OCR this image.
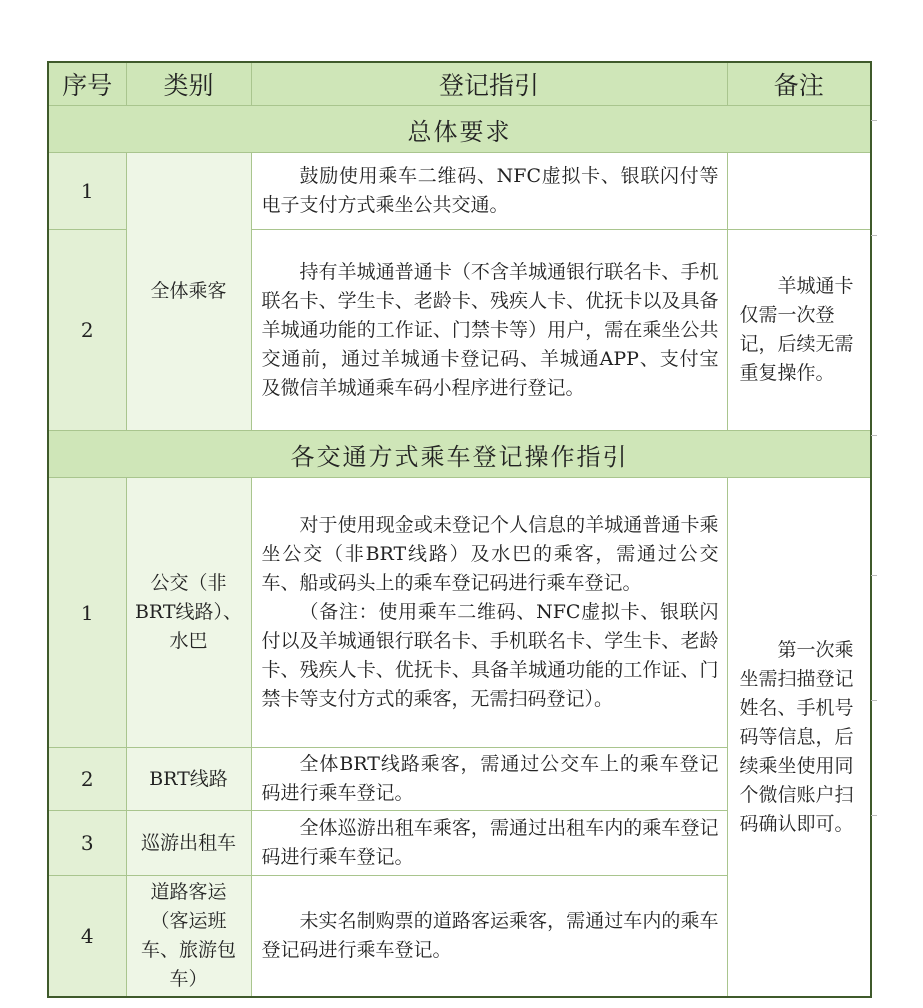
序号	类别	登记指引	备注
总体要求			
1	全体乘客	鼓励使用乘车二维码、NFC虚拟卡、银联闪付等电子支付方式乘坐公共交通。	

2		持有羊城通普通卡（不含羊城通银行联名卡、手机联名卡、学生卡、老龄卡、残疾人卡、优抚卡以及具备羊城通功能的工作证、门禁卡等）用户，需在乘坐公共交通前，通过羊城通卡登记码、羊城通APP、支付宝及微信羊城通乘车码小程序进行登记。	羊城通卡仅需一次登记，后续无需重复操作。

各交通方式乘车登记操作指引			
1	公交（非BRT线路）、水巴	对于使用现金或未登记个人信息的羊城通普通卡乘坐公交（非BRT线路）及水巴的乘客，需通过公交车、船或码头上的乘车登记码进行乘车登记。

（备注：使用乘车二维码、NFC虚拟卡、银联闪付以及羊城通银行联名卡、手机联名卡、学生卡、老龄卡、残疾人卡、优抚卡、具备羊城通功能的工作证、门禁卡等支付方式的乘客，无需扫码登记）。	第一次乘坐需扫描登记姓名、手机号码等信息，后续乘坐使用同个微信账户扫码确认即可。

2	BRT线路	全体BRT线路乘客，需通过公交车上的乘车登记码进行乘车登记。	

3	巡游出租车	全体巡游出租车乘客，需通过出租车内的乘车登记码进行乘车登记。	

4	道路客运（客运班车、旅游包车）	未实名制购票的道路客运乘客，需通过车内的乘车登记码进行乘车登记。	
